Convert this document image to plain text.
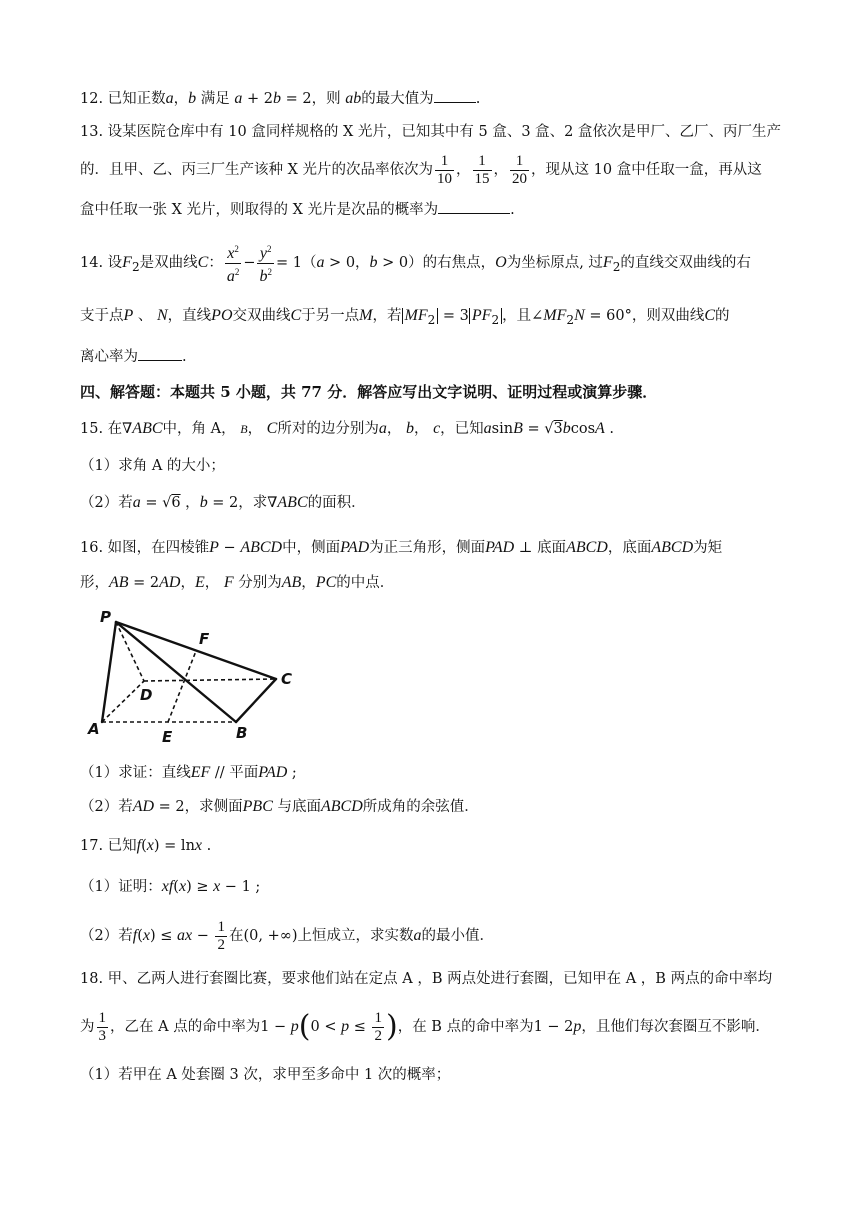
12. 已知正数a，b 满足 a + 2b = 2，则 ab的最大值为	.
13. 设某医院仓库中有 10 盒同样规格的 X 光片，已知其中有 5 盒、3 盒、2 盒依次是甲厂、乙厂、丙厂生产
的．且甲、乙、丙三厂生产该种 X 光片的次品率依次为 $\frac{1}{10}$ ， $\frac{1}{15}$ ， $\frac{1}{20}$ ，现从这 10 盒中任取一盒，再从这
盒中任取一张 X 光片，则取得的 X 光片是次品的概率为	.
14. 设$F_2$是双曲线C： $\frac{x^2}{a^2} - \frac{y^2}{b^2} = 1(a > 0$，b > 0）的右焦点，O为坐标原点, 过$F_2$的直线交双曲线的右
支于点P 、 N，直线PO交双曲线C于另一点M，若 $MF_2 = 3$ $PF_2$ ，且$\angle MF_2N = 60^\circ$，则双曲线C的
离心率为	.
四、解答题：本题共 5 小题，共 77 分．解答应写出文字说明、证明过程或演算步骤．
15. 在∇ABC中，角 A， B， C所对的边分别为a， b， c，已知asinB = √3bcosA .
（1）求角 A 的大小；
（2）若a = √6 ，b = 2，求∇ABC的面积．
16. 如图，在四棱锥P − ABCD中，侧面PAD为正三角形，侧面PAD ⊥ 底面ABCD，底面ABCD为矩
形，AB = 2AD，E， F 分别为AB，PC的中点．
P
F
C
D
A	E	B
（1）求证：直线EF // 平面PAD ;
（2）若AD = 2，求侧面PBC 与底面ABCD所成角的余弦值．
17. 已知f(x) = lnx .
（1）证明：xf(x) ≥ x − 1 ;
（2）若f(x) ≤ ax − $\frac{1}{2}$ 在(0, +∞)上恒成立，求实数a的最小值．
18. 甲、乙两人进行套圈比赛，要求他们站在定点 A ，B 两点处进行套圈，已知甲在 A ，B 两点的命中率均
为 $\frac{1}{3}$ ，乙在 A 点的命中率为$1 - p(0 < p \le \frac{1}{2}$ )，在 B 点的命中率为1 − 2p，且他们每次套圈互不影响．
（1）若甲在 A 处套圈 3 次，求甲至多命中 1 次的概率；
